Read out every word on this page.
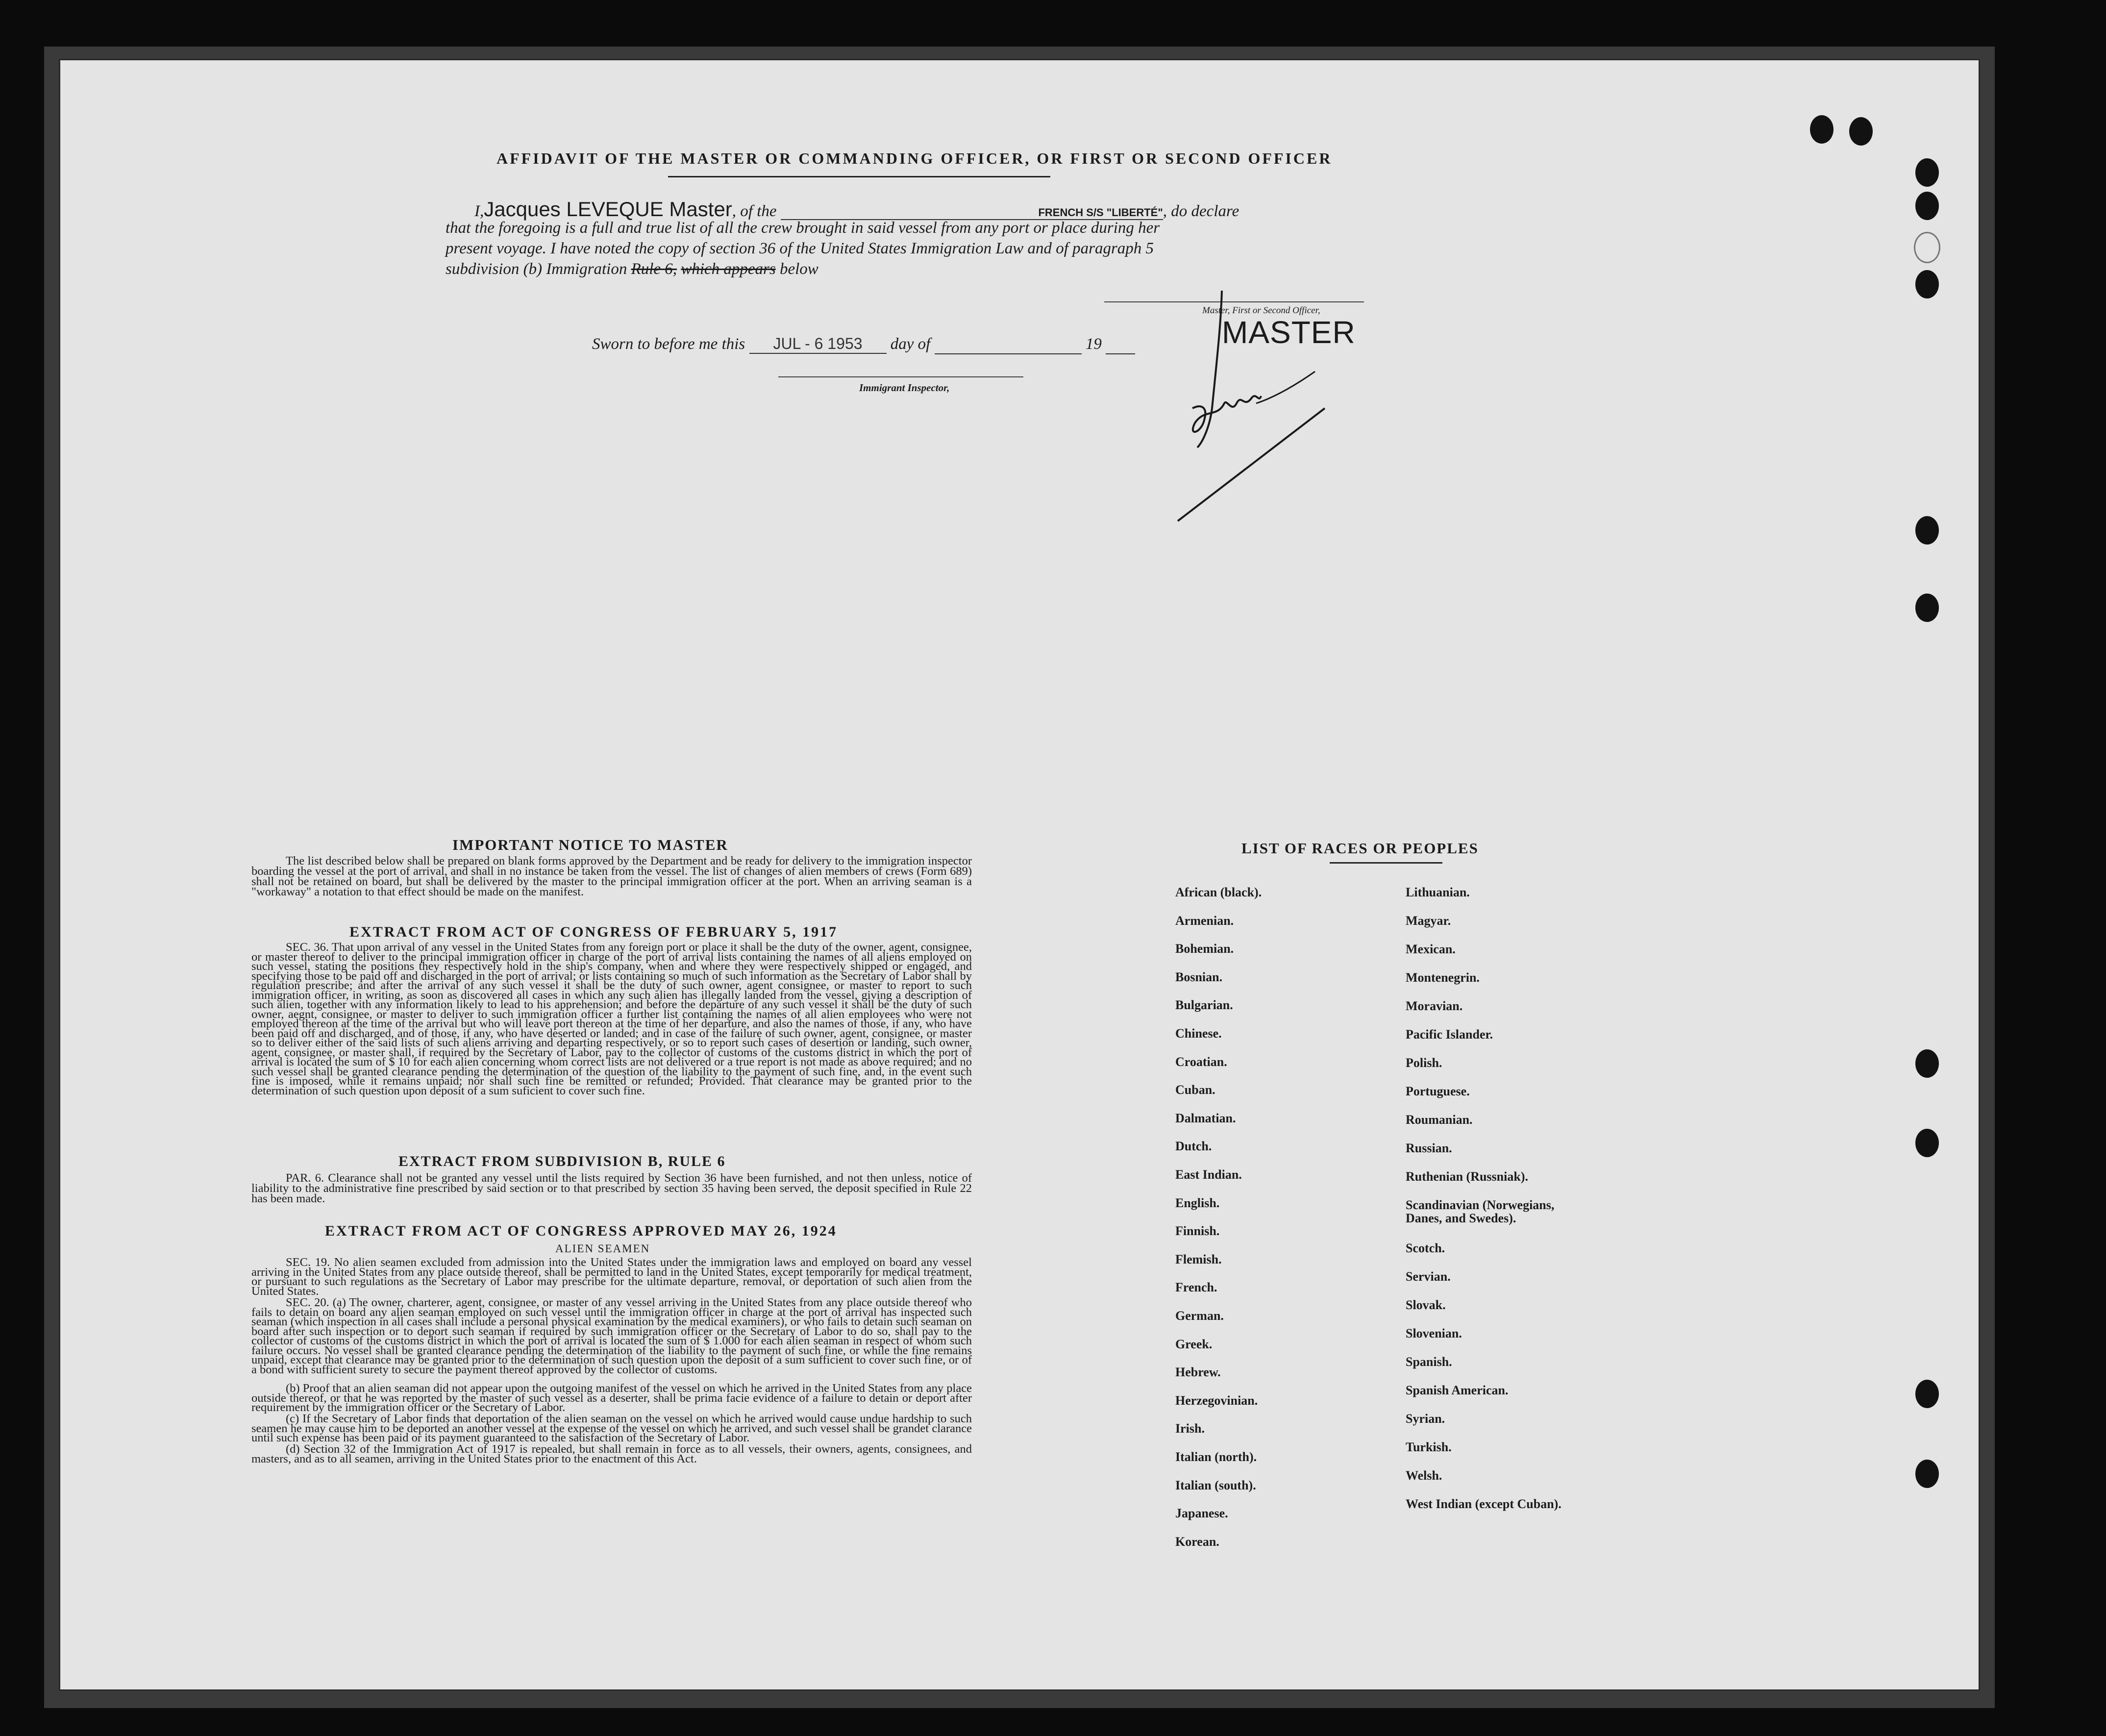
AFFIDAVIT OF THE MASTER OR COMMANDING OFFICER, OR FIRST OR SECOND OFFICER
I,Jacques LEVEQUE Master, of the	FRENCH S/S "LIBERTÉ", do declare
that the foregoing is a full and true list of all the crew brought in said vessel from any port or place during her
present voyage. I have noted the copy of section 36 of the United States Immigration Law and of paragraph 5
subdivision (b) Immigration Rule 6, which appears below
Master, First or Second Officer,
MASTER
Sworn to before me this JUL - 6 1953 day of	19
Immigrant Inspector,
IMPORTANT NOTICE TO MASTER
The list described below shall be prepared on blank forms approved by the Department and be ready for delivery to the immigration inspector boarding the vessel at the port of arrival, and shall in no instance be taken from the vessel. The list of changes of alien members of crews (Form 689) shall not be retained on board, but shall be delivered by the master to the principal immigration officer at the port. When an arriving seaman is a "workaway" a notation to that effect should be made on the manifest.
EXTRACT FROM ACT OF CONGRESS OF FEBRUARY 5, 1917
SEC. 36. That upon arrival of any vessel in the United States from any foreign port or place it shall be the duty of the owner, agent, consignee, or master thereof to deliver to the principal immigration officer in charge of the port of arrival lists containing the names of all aliens employed on such vessel, stating the positions they respectively hold in the ship's company, when and where they were respectively shipped or engaged, and specifying those to be paid off and discharged in the port of arrival; or lists containing so much of such information as the Secretary of Labor shall by regulation prescribe; and after the arrival of any such vessel it shall be the duty of such owner, agent consignee, or master to report to such immigration officer, in writing, as soon as discovered all cases in which any such alien has illegally landed from the vessel, giving a description of such alien, together with any information likely to lead to his apprehension; and before the departure of any such vessel it shall be the duty of such owner, aegnt, consignee, or master to deliver to such immigration officer a further list containing the names of all alien employees who were not employed thereon at the time of the arrival but who will leave port thereon at the time of her departure, and also the names of those, if any, who have been paid off and discharged, and of those, if any, who have deserted or landed; and in case of the failure of such owner, agent, consignee, or master so to deliver either of the said lists of such aliens arriving and departing respectively, or so to report such cases of desertion or landing, such owner, agent, consignee, or master shall, if required by the Secretary of Labor, pay to the collector of customs of the customs district in which the port of arrival is located the sum of $ 10 for each alien concerning whom correct lists are not delivered or a true report is not made as above required; and no such vessel shall be granted clearance pending the determination of the question of the liability to the payment of such fine, and, in the event such fine is imposed, while it remains unpaid; nor shall such fine be remitted or refunded; Provided. That clearance may be granted prior to the determination of such question upon deposit of a sum suficient to cover such fine.
EXTRACT FROM SUBDIVISION B, RULE 6
PAR. 6. Clearance shall not be granted any vessel until the lists required by Section 36 have been furnished, and not then unless, notice of liability to the administrative fine prescribed by said section or to that prescribed by section 35 having been served, the deposit specified in Rule 22 has been made.
EXTRACT FROM ACT OF CONGRESS APPROVED MAY 26, 1924
ALIEN SEAMEN
SEC. 19. No alien seamen excluded from admission into the United States under the immigration laws and employed on board any vessel arriving in the United States from any place outside thereof, shall be permitted to land in the United States, except temporarily for medical treatment, or pursuant to such regulations as the Secretary of Labor may prescribe for the ultimate departure, removal, or deportation of such alien from the United States.
SEC. 20. (a) The owner, charterer, agent, consignee, or master of any vessel arriving in the United States from any place outside thereof who fails to detain on board any alien seaman employed on such vessel until the immigration officer in charge at the port of arrival has inspected such seaman (which inspection in all cases shall include a personal physical examination by the medical examiners), or who fails to detain such seaman on board after such inspection or to deport such seaman if required by such immigration officer or the Secretary of Labor to do so, shall pay to the collector of customs of the customs district in which the port of arrival is located the sum of $ 1.000 for each alien seaman in respect of whom such failure occurs. No vessel shall be granted clearance pending the determination of the liability to the payment of such fine, or while the fine remains unpaid, except that clearance may be granted prior to the determination of such question upon the deposit of a sum sufficient to cover such fine, or of a bond with sufficient surety to secure the payment thereof approved by the collector of customs.
(b) Proof that an alien seaman did not appear upon the outgoing manifest of the vessel on which he arrived in the United States from any place outside thereof, or that he was reported by the master of such vessel as a deserter, shall be prima facie evidence of a failure to detain or deport after requirement by the immigration officer or the Secretary of Labor.
(c) If the Secretary of Labor finds that deportation of the alien seaman on the vessel on which he arrived would cause undue hardship to such seamen he may cause him to be deported an another vessel at the expense of the vessel on which he arrived, and such vessel shall be grandet clarance until such expense has been paid or its payment guaranteed to the satisfaction of the Secretary of Labor.
(d) Section 32 of the Immigration Act of 1917 is repealed, but shall remain in force as to all vessels, their owners, agents, consignees, and masters, and as to all seamen, arriving in the United States prior to the enactment of this Act.
LIST OF RACES OR PEOPLES
African (black).
Armenian.
Bohemian.
Bosnian.
Bulgarian.
Chinese.
Croatian.
Cuban.
Dalmatian.
Dutch.
East Indian.
English.
Finnish.
Flemish.
French.
German.
Greek.
Hebrew.
Herzegovinian.
Irish.
Italian (north).
Italian (south).
Japanese.
Korean.
Lithuanian.
Magyar.
Mexican.
Montenegrin.
Moravian.
Pacific Islander.
Polish.
Portuguese.
Roumanian.
Russian.
Ruthenian (Russniak).
Scandinavian (Norwegians, Danes, and Swedes).
Scotch.
Servian.
Slovak.
Slovenian.
Spanish.
Spanish American.
Syrian.
Turkish.
Welsh.
West Indian (except Cuban).
